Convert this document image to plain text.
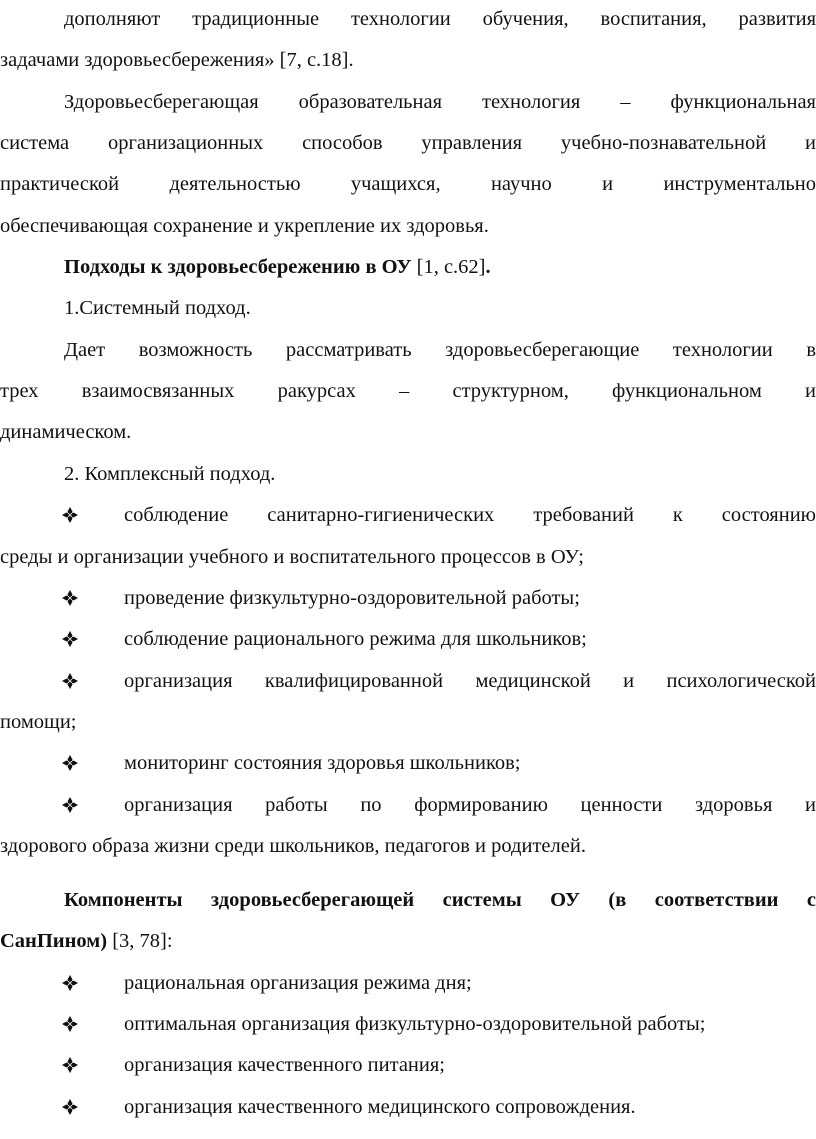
дополняют традиционные технологии обучения, воспитания, развития
задачами здоровьесбережения» [7, с.18].
Здоровьесберегающая образовательная технология – функциональная
система организационных способов управления учебно-познавательной и
практической деятельностью учащихся, научно и инструментально
обеспечивающая сохранение и укрепление их здоровья.
Подходы к здоровьесбережению в ОУ [1, с.62].
1.Системный подход.
Дает возможность рассматривать здоровьесберегающие технологии в
трех взаимосвязанных ракурсах – структурном, функциональном и
динамическом.
2. Комплексный подход.
соблюдение санитарно-гигиенических требований к состоянию
среды и организации учебного и воспитательного процессов в ОУ;
проведение физкультурно-оздоровительной работы;
соблюдение рационального режима для школьников;
организация квалифицированной медицинской и психологической
помощи;
мониторинг состояния здоровья школьников;
организация работы по формированию ценности здоровья и
здорового образа жизни среди школьников, педагогов и родителей.
Компоненты здоровьесберегающей системы ОУ (в соответствии с
СанПином) [3, 78]:
рациональная организация режима дня;
оптимальная организация физкультурно-оздоровительной работы;
организация качественного питания;
организация качественного медицинского сопровождения.
